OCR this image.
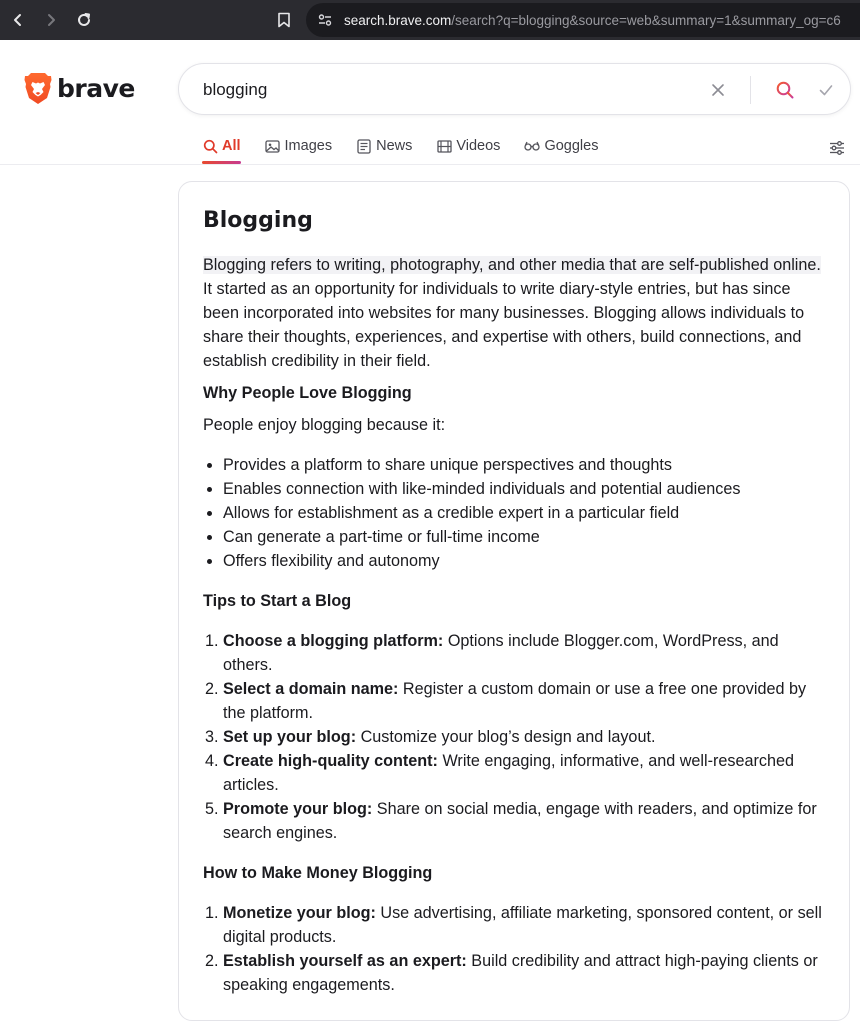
search.brave.com /search?q=blogging&source=web&summary=1&summary_og=c6
brave
blogging
All	Images	News	Videos	Goggles
Blogging

Blogging refers to writing, photography, and other media that are self-published online. It started as an opportunity for individuals to write diary-style entries, but has since been incorporated into websites for many businesses. Blogging allows individuals to share their thoughts, experiences, and expertise with others, build connections, and establish credibility in their field.

Why People Love Blogging

People enjoy blogging because it:

• Provides a platform to share unique perspectives and thoughts
• Enables connection with like-minded individuals and potential audiences
• Allows for establishment as a credible expert in a particular field
• Can generate a part-time or full-time income
• Offers flexibility and autonomy
Tips to Start a Blog
1. Choose a blogging platform: Options include Blogger.com, WordPress, and others.
2. Select a domain name: Register a custom domain or use a free one provided by the platform.
3. Set up your blog: Customize your blog’s design and layout.
4. Create high-quality content: Write engaging, informative, and well-researched articles.
5. Promote your blog: Share on social media, engage with readers, and optimize for search engines.
How to Make Money Blogging
1. Monetize your blog: Use advertising, affiliate marketing, sponsored content, or sell digital products.
2. Establish yourself as an expert: Build credibility and attract high-paying clients or speaking engagements.
